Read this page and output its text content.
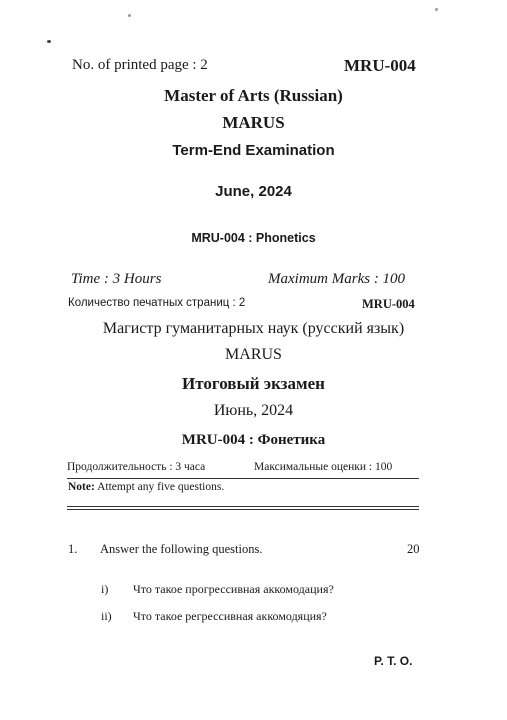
No. of printed page : 2	MRU-004
Master of Arts (Russian)
MARUS
Term-End Examination
June, 2024
MRU-004 : Phonetics
Time : 3 Hours	Maximum Marks : 100
Количество печатных страниц : 2	MRU-004
Магистр гуманитарных наук (русский язык)
MARUS
Итоговый экзамен
Июнь, 2024
MRU-004 : Фонетика
Продолжительность : 3 часа	Максимальные оценки : 100
Note: Attempt any five questions.
1. Answer the following questions.	20
i) Что такое прогрессивная аккомодация?
ii) Что такое регрессивная аккомодяция?
P. T. O.
